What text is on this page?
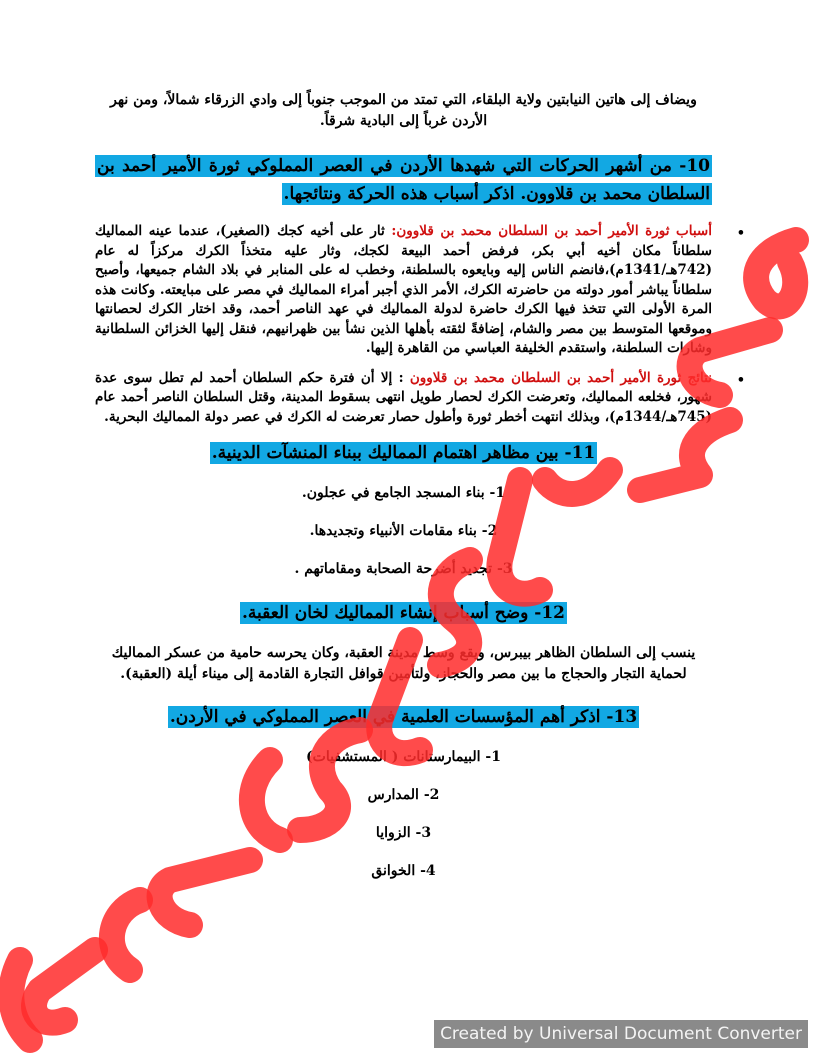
ويضاف إلى هاتين النيابتين ولاية البلقاء، التي تمتد من الموجب جنوباً إلى وادي الزرقاء شمالاً، ومن نهر الأردن غرباً إلى البادية شرقاً.

10- من أشهر الحركات التي شهدها الأردن في العصر المملوكي ثورة الأمير أحمد بن السلطان محمد بن قلاوون. اذكر أسباب هذه الحركة ونتائجها.
•
أسباب ثورة الأمير أحمد بن السلطان محمد بن قلاوون: ثار على أخيه كجك (الصغير)، عندما عينه المماليك سلطاناً مكان أخيه أبي بكر، فرفض أحمد البيعة لكجك، وثار عليه متخذاً الكرك مركزاً له عام (742هـ/1341م)،فانضم الناس إليه وبايعوه بالسلطنة، وخطب له على المنابر في بلاد الشام جميعها، وأصبح سلطاناً يباشر أمور دولته من حاضرته الكرك، الأمر الذي أجبر أمراء المماليك في مصر على مبايعته. وكانت هذه المرة الأولى التي تتخذ فيها الكرك حاضرة لدولة المماليك في عهد الناصر أحمد، وقد اختار الكرك لحصانتها وموقعها المتوسط بين مصر والشام، إضافةً لثقته بأهلها الذين نشأ بين ظهرانيهم، فنقل إليها الخزائن السلطانية وشارات السلطنة، واستقدم الخليفة العباسي من القاهرة إليها.
•
نتائج ثورة الأمير أحمد بن السلطان محمد بن قلاوون : إلا أن فترة حكم السلطان أحمد لم تطل سوى عدة شهور، فخلعه المماليك، وتعرضت الكرك لحصار طويل انتهى بسقوط المدينة، وقتل السلطان الناصر أحمد عام (745هـ/1344م)، وبذلك انتهت أخطر ثورة وأطول حصار تعرضت له الكرك في عصر دولة المماليك البحرية.
11- بين مظاهر اهتمام المماليك ببناء المنشآت الدينية.
1- بناء المسجد الجامع في عجلون.
2- بناء مقامات الأنبياء وتجديدها.
3- تجديد أضرحة الصحابة ومقاماتهم .
12- وضح أسباب إنشاء المماليك لخان العقبة.

ينسب إلى السلطان الظاهر بيبرس، ويقع وسط مدينة العقبة، وكان يحرسه حامية من عسكر المماليك لحماية التجار والحجاج ما بين مصر والحجاز، ولتأمين قوافل التجارة القادمة إلى ميناء أيلة (العقبة).

13- اذكر أهم المؤسسات العلمية في العصر المملوكي في الأردن.
1- البيمارستانات ( المستشفيات)
2- المدارس
3- الزوايا
4- الخوانق
Created by Universal Document Converter
